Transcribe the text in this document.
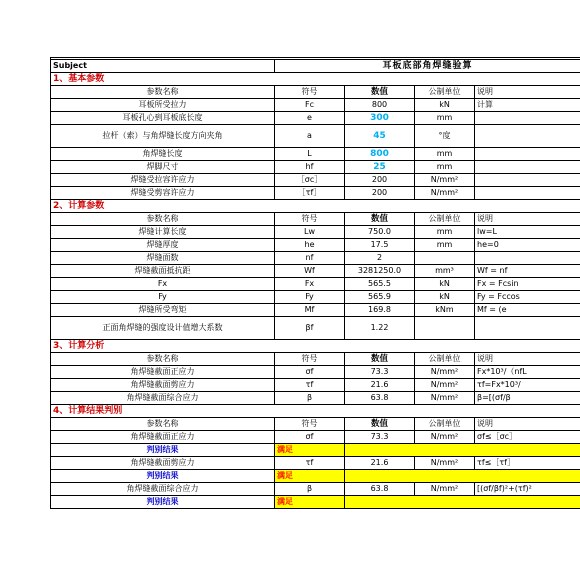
Subject	耳板底部角焊缝验算			
1、基本参数				
参数名称	符号	数值	公制单位	说明
耳板所受拉力	Fc	800	kN	计算
耳板孔心到耳板底长度	e	300	mm	
拉杆（索）与角焊缝长度方向夹角	a	45	°度	
角焊缝长度	L	800	mm	
焊脚尺寸	hf	25	mm	
焊缝受拉容许应力	［σc］	200	N/mm²	
焊缝受剪容许应力	［τf］	200	N/mm²	
2、计算参数				
参数名称	符号	数值	公制单位	说明
焊缝计算长度	Lw	750.0	mm	lw=L
焊缝厚度	he	17.5	mm	he=0
焊缝面数	nf	2		
焊缝截面抵抗距	Wf	3281250.0	mm³	Wf = nf
Fx	Fx	565.5	kN	Fx = Fcsin
Fy	Fy	565.9	kN	Fy = Fccos
焊缝所受弯矩	Mf	169.8	kNm	Mf = (e
正面角焊缝的强度设计值增大系数	βf	1.22		
3、计算分析				
参数名称	符号	数值	公制单位	说明
角焊缝截面正应力	σf	73.3	N/mm²	Fx*10³/（nfL
角焊缝截面剪应力	τf	21.6	N/mm²	τf=Fx*10³/
角焊缝截面综合应力	β	63.8	N/mm²	β=[(σf/β
4、计算结果判别				
参数名称	符号	数值	公制单位	说明
角焊缝截面正应力	σf	73.3	N/mm²	σf≤［σc］
判别结果	满足			
角焊缝截面剪应力	τf	21.6	N/mm²	τf≤［τf］
判别结果	满足			
角焊缝截面综合应力	β	63.8	N/mm²	[(σf/βf)²+(τf)²
判别结果	满足			
